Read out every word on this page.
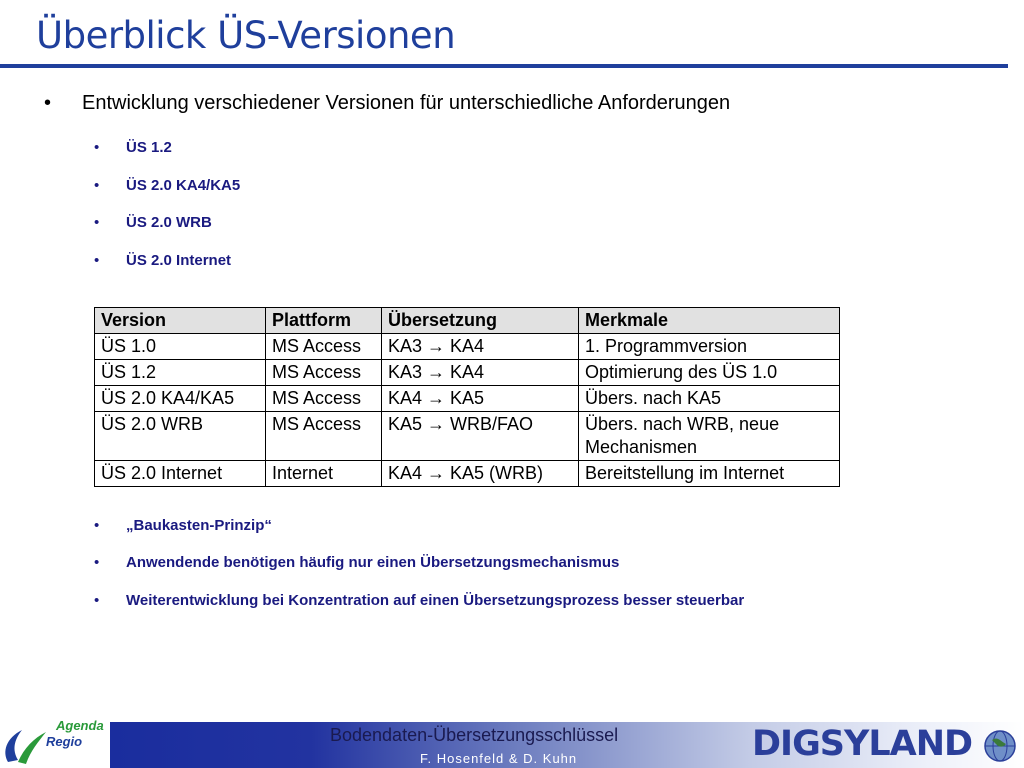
Überblick ÜS-Versionen
• Entwicklung verschiedener Versionen für unterschiedliche Anforderungen
• ÜS 1.2
• ÜS 2.0 KA4/KA5
• ÜS 2.0 WRB
• ÜS 2.0 Internet
Version	Plattform	Übersetzung	Merkmale
ÜS 1.0	MS Access	KA3 → KA4	1. Programmversion
ÜS 1.2	MS Access	KA3 → KA4	Optimierung des ÜS 1.0
ÜS 2.0 KA4/KA5	MS Access	KA4 → KA5	Übers. nach KA5
ÜS 2.0 WRB	MS Access	KA5 → WRB/FAO	Übers. nach WRB, neue Mechanismen
ÜS 2.0 Internet	Internet	KA4 → KA5 (WRB)	Bereitstellung im Internet
• „Baukasten-Prinzip“
• Anwendende benötigen häufig nur einen Übersetzungsmechanismus
• Weiterentwicklung bei Konzentration auf einen Übersetzungsprozess besser steuerbar
Agenda
Regio	Bodendaten-Übersetzungsschlüssel
F. Hosenfeld & D. Kuhn	DIGSYLAND
